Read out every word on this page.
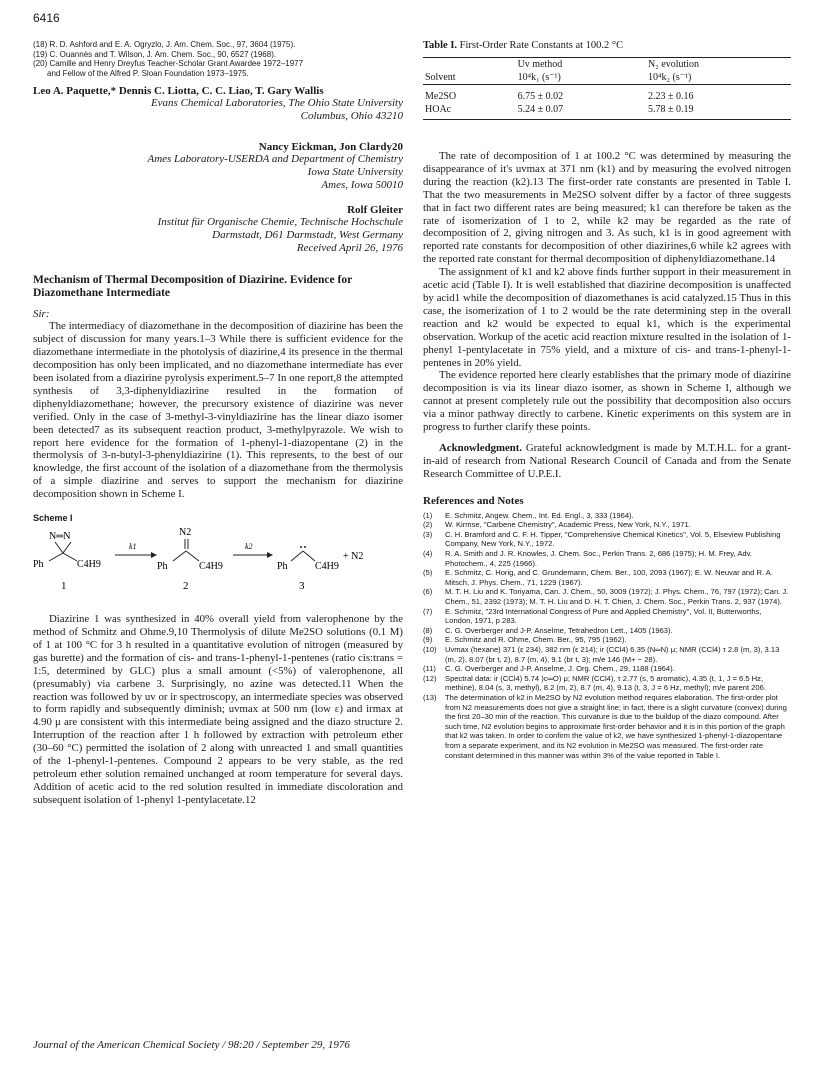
6416
(18) R. D. Ashford and E. A. Ogryzlo, J. Am. Chem. Soc., 97, 3604 (1975).
(19) C. Ouannès and T. Wilson, J. Am. Chem. Soc., 90, 6527 (1968).
(20) Camille and Henry Dreyfus Teacher-Scholar Grant Awardee 1972–1977
and Fellow of the Alfred P. Sloan Foundation 1973–1975.
Leo A. Paquette,* Dennis C. Liotta, C. C. Liao, T. Gary Wallis
Evans Chemical Laboratories, The Ohio State University
Columbus, Ohio 43210
Nancy Eickman, Jon Clardy20
Ames Laboratory-USERDA and Department of Chemistry
Iowa State University
Ames, Iowa 50010
Rolf Gleiter
Institut für Organische Chemie, Technische Hochschule
Darmstadt, D61 Darmstadt, West Germany
Received April 26, 1976
Mechanism of Thermal Decomposition of Diazirine. Evidence for Diazomethane Intermediate
Sir:

The intermediacy of diazomethane in the decomposition of diazirine has been the subject of discussion for many years.1–3 While there is sufficient evidence for the diazomethane intermediate in the photolysis of diazirine,4 its presence in the thermal decomposition has only been implicated, and no diazomethane intermediate has ever been isolated from a diazirine pyrolysis experiment.5–7 In one report,8 the attempted synthesis of 3,3-diphenyldiazirine resulted in the formation of diphenyldiazomethane; however, the precursory existence of diazirine was never verified. Only in the case of 3-methyl-3-vinyldiazirine has the linear diazo isomer been detected7 as its subsequent reaction product, 3-methylpyrazole. We wish to report here evidence for the formation of 1-phenyl-1-diazopentane (2) in the thermolysis of 3-n-butyl-3-phenyldiazirine (1). This represents, to the best of our knowledge, the first account of the isolation of a diazomethane from the thermolysis of a simple diazirine and serves to support the mechanism for diazirine decomposition shown in Scheme I.

Scheme I
N═N
Ph	C4H9
1
k1
N2
Ph	C4H9
2
k2
Ph	C4H9
+ N2
3

Diazirine 1 was synthesized in 40% overall yield from valerophenone by the method of Schmitz and Ohme.9,10 Thermolysis of dilute Me2SO solutions (0.1 M) of 1 at 100 °C for 3 h resulted in a quantitative evolution of nitrogen (measured by gas burette) and the formation of cis- and trans-1-phenyl-1-pentenes (ratio cis:trans = 1:5, determined by GLC) plus a small amount (<5%) of valerophenone, all (presumably) via carbene 3. Surprisingly, no azine was detected.11 When the reaction was followed by uv or ir spectroscopy, an intermediate species was observed to form rapidly and subsequently diminish; uvmax at 500 nm (low ε) and irmax at 4.90 μ are consistent with this intermediate being assigned and the diazo structure 2. Interruption of the reaction after 1 h followed by extraction with petroleum ether (30–60 °C) permitted the isolation of 2 along with unreacted 1 and small quantities of the 1-phenyl-1-pentenes. Compound 2 appears to be very stable, as the red petroleum ether solution remained unchanged at room temperature for several days. Addition of acetic acid to the red solution resulted in immediate discoloration and subsequent isolation of 1-phenyl 1-pentylacetate.12

Table I. First-Order Rate Constants at 100.2 °C
	Uv method	N₂ evolution
Solvent	10⁴k₁ (s⁻¹)	10⁴k₂ (s⁻¹)
Me2SO	6.75 ± 0.02	2.23 ± 0.16
HOAc	5.24 ± 0.07	5.78 ± 0.19

The rate of decomposition of 1 at 100.2 °C was determined by measuring the disappearance of it's uvmax at 371 nm (k1) and by measuring the evolved nitrogen during the reaction (k2).13 The first-order rate constants are presented in Table I. That the two measurements in Me2SO solvent differ by a factor of three suggests that in fact two different rates are being measured; k1 can therefore be taken as the rate of isomerization of 1 to 2, while k2 may be regarded as the rate of decomposition of 2, giving nitrogen and 3. As such, k1 is in good agreement with reported rate constants for decomposition of other diazirines,6 while k2 agrees with the reported rate constant for thermal decomposition of diphenyldiazomethane.14

The assignment of k1 and k2 above finds further support in their measurement in acetic acid (Table I). It is well established that diazirine decomposition is unaffected by acid1 while the decomposition of diazomethanes is acid catalyzed.15 Thus in this case, the isomerization of 1 to 2 would be the rate determining step in the overall reaction and k2 would be expected to equal k1, which is the experimental observation. Workup of the acetic acid reaction mixture resulted in the isolation of 1-phenyl 1-pentylacetate in 75% yield, and a mixture of cis- and trans-1-phenyl-1-pentenes in 20% yield.

The evidence reported here clearly establishes that the primary mode of diazirine decomposition is via its linear diazo isomer, as shown in Scheme I, although we cannot at present completely rule out the possibility that decomposition also occurs via a minor pathway directly to carbene. Kinetic experiments on this system are in progress to further clarify these points.

Acknowledgment. Grateful acknowledgment is made by M.T.H.L. for a grant-in-aid of research from National Research Council of Canada and from the Senate Research Committee of U.P.E.I.

References and Notes
(1)	E. Schmitz, Angew. Chem., Int. Ed. Engl., 3, 333 (1964).
(2)	W. Kirmse, "Carbene Chemistry", Academic Press, New York, N.Y., 1971.
(3)	C. H. Bramford and C. F. H. Tipper, "Comprehensive Chemical Kinetics", Vol. 5, Elseview Publishing Company, New York, N.Y., 1972.
(4)	R. A. Smith and J. R. Knowles, J. Chem. Soc., Perkin Trans. 2, 686 (1975); H. M. Frey, Adv. Photochem., 4, 225 (1966).
(5)	E. Schmitz, C. Horig, and C. Grundemann, Chem. Ber., 100, 2093 (1967); E. W. Neuvar and R. A. Mitsch, J. Phys. Chem., 71, 1229 (1967).
(6)	M. T. H. Liu and K. Toriyama, Can. J. Chem., 50, 3009 (1972); J. Phys. Chem., 76, 797 (1972); Can. J. Chem., 51, 2392 (1973); M. T. H. Liu and D. H. T. Chien, J. Chem. Soc., Perkin Trans. 2, 937 (1974).
(7)	E. Schmitz, "23rd International Congress of Pure and Applied Chemistry", Vol. II, Butterworths, London, 1971, p 283.
(8)	C. G. Overberger and J-P. Anselme, Tetrahedron Lett., 1405 (1963).
(9)	E. Schmitz and R. Ohme, Chem. Ber., 95, 795 (1962).
(10)	Uvmax (hexane) 371 (ε 234), 382 nm (ε 214); ir (CCl4) 6.35 (N═N) μ; NMR (CCl4) τ 2.8 (m, 3), 3.13 (m, 2), 8.07 (br t, 2), 8.7 (m, 4), 9.1 (br t, 3); m/e 146 (M+ − 28).
(11)	C. G. Overberger and J-P. Anselme, J. Org. Chem., 29, 1188 (1964).
(12)	Spectral data: ir (CCl4) 5.74 )c═O) μ; NMR (CCl4), τ 2.77 (s, 5 aromatic), 4.35 (t, 1, J = 6.5 Hz, methine), 8.04 (s, 3, methyl), 8.2 (m, 2), 8.7 (m, 4), 9.13 (t, 3, J = 6 Hz, methyl); m/e parent 206.
(13)	The determination of k2 in Me2SO by N2 evolution method requires elaboration. The first-order plot from N2 measurements does not give a straight line; in fact, there is a slight curvature (convex) during the first 20–30 min of the reaction. This curvature is due to the buildup of the diazo compound. After such time, N2 evolution begins to approximate first-order behavior and it is in this portion of the graph that k2 was taken. In order to confirm the value of k2, we have synthesized 1-phenyl-1-diazopentane from a separate experiment, and its N2 evolution in Me2SO was measured. The first-order rate constant determined in this manner was within 3% of the value reported in Table I.
Journal of the American Chemical Society / 98:20 / September 29, 1976
